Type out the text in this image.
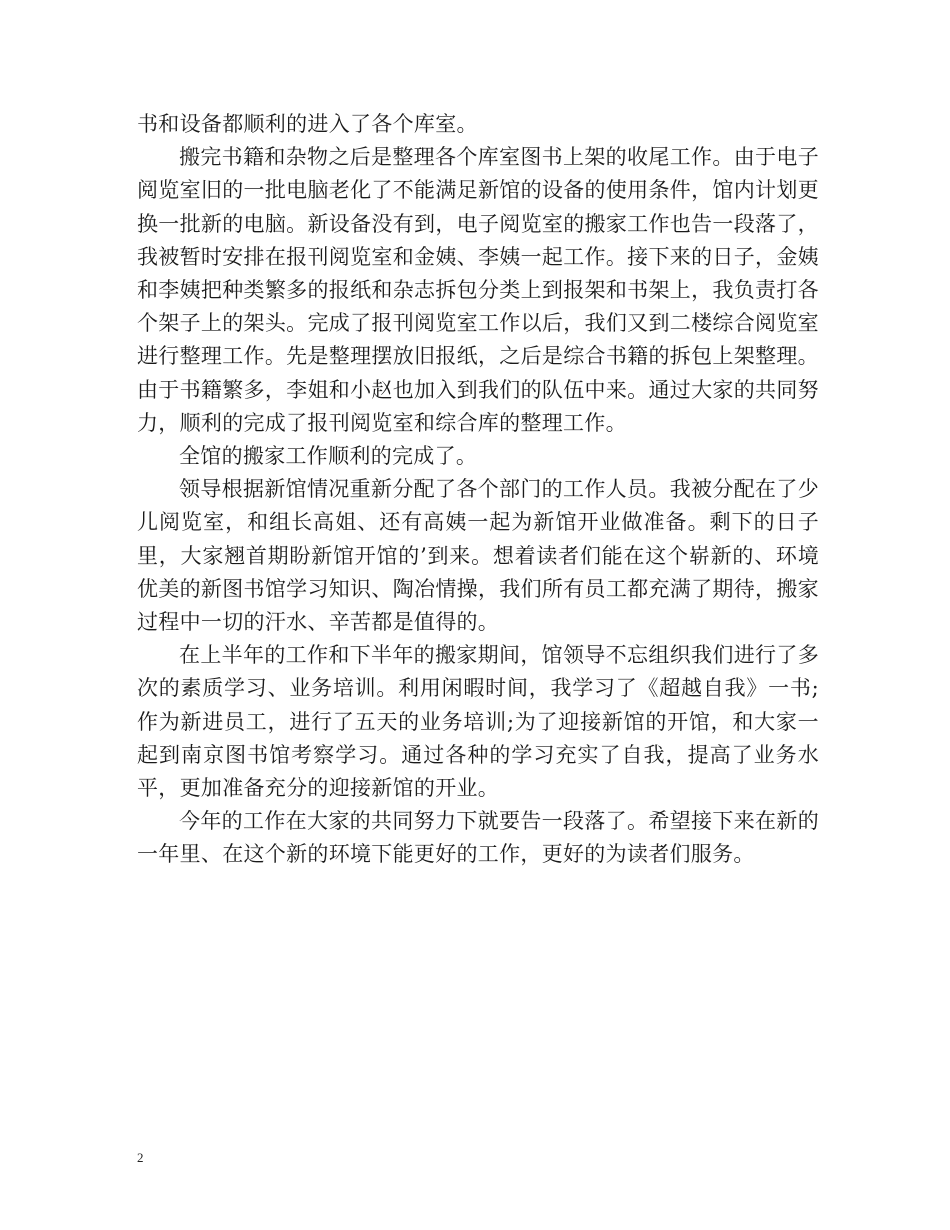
书和设备都顺利的进入了各个库室。

搬完书籍和杂物之后是整理各个库室图书上架的收尾工作。由于电子阅览室旧的一批电脑老化了不能满足新馆的设备的使用条件，馆内计划更换一批新的电脑。新设备没有到，电子阅览室的搬家工作也告一段落了，我被暂时安排在报刊阅览室和金姨、李姨一起工作。接下来的日子，金姨和李姨把种类繁多的报纸和杂志拆包分类上到报架和书架上，我负责打各个架子上的架头。完成了报刊阅览室工作以后，我们又到二楼综合阅览室进行整理工作。先是整理摆放旧报纸，之后是综合书籍的拆包上架整理。由于书籍繁多，李姐和小赵也加入到我们的队伍中来。通过大家的共同努力，顺利的完成了报刊阅览室和综合库的整理工作。

全馆的搬家工作顺利的完成了。

领导根据新馆情况重新分配了各个部门的工作人员。我被分配在了少儿阅览室，和组长高姐、还有高姨一起为新馆开业做准备。剩下的日子里，大家翘首期盼新馆开馆的’到来。想着读者们能在这个崭新的、环境优美的新图书馆学习知识、陶冶情操，我们所有员工都充满了期待，搬家过程中一切的汗水、辛苦都是值得的。

在上半年的工作和下半年的搬家期间，馆领导不忘组织我们进行了多次的素质学习、业务培训。利用闲暇时间，我学习了《超越自我》一书;作为新进员工，进行了五天的业务培训;为了迎接新馆的开馆，和大家一起到南京图书馆考察学习。通过各种的学习充实了自我，提高了业务水平，更加准备充分的迎接新馆的开业。

今年的工作在大家的共同努力下就要告一段落了。希望接下来在新的一年里、在这个新的环境下能更好的工作，更好的为读者们服务。

2
